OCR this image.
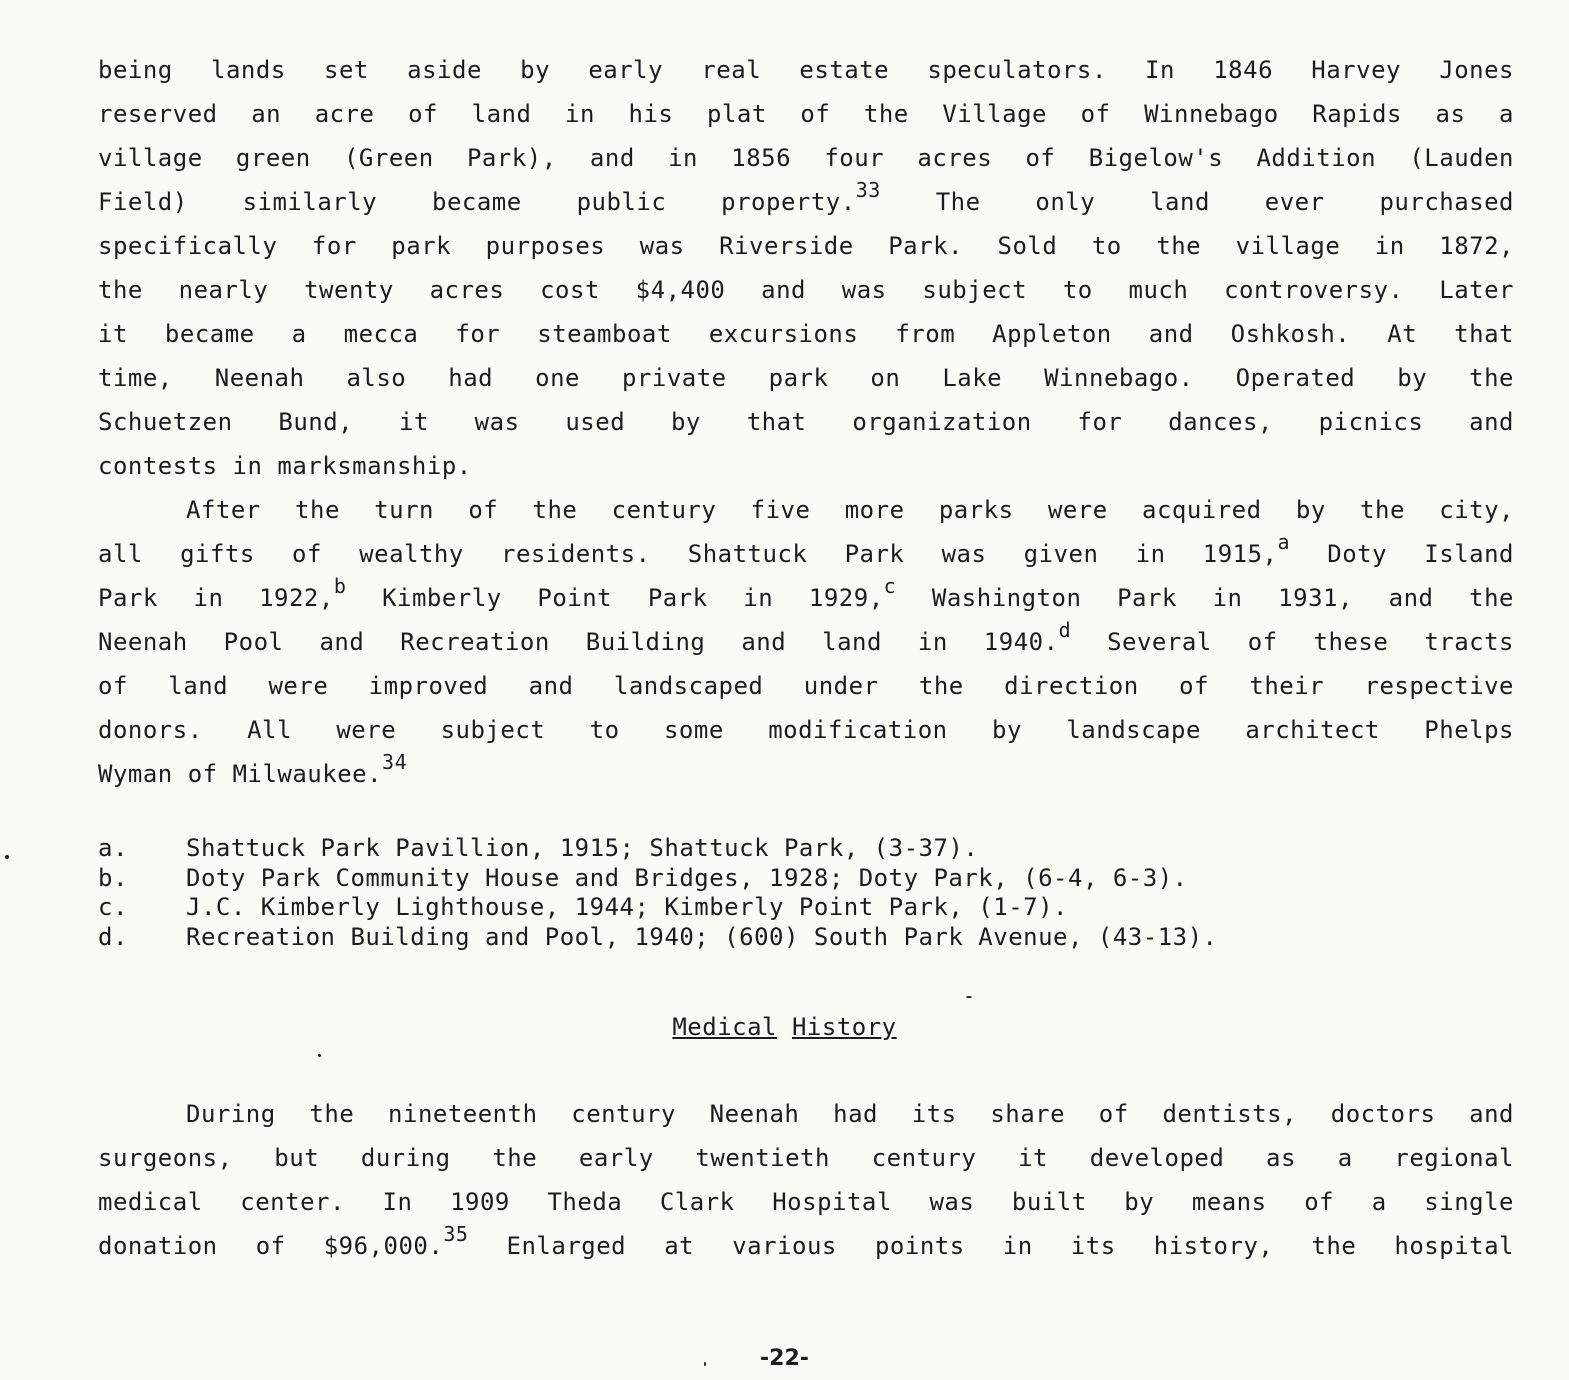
being lands set aside by early real estate speculators. In 1846 Harvey Jones
reserved an acre of land in his plat of the Village of Winnebago Rapids as a
village green (Green Park), and in 1856 four acres of Bigelow's Addition (Lauden
Field) similarly became public property.$^{33}$ The only land ever purchased
specifically for park purposes was Riverside Park. Sold to the village in 1872,
the nearly twenty acres cost $4,400 and was subject to much controversy. Later
it became a mecca for steamboat excursions from Appleton and Oshkosh. At that
time, Neenah also had one private park on Lake Winnebago. Operated by the
Schuetzen Bund, it was used by that organization for dances, picnics and
contests in marksmanship.
After the turn of the century five more parks were acquired by the city,
all gifts of wealthy residents. Shattuck Park was given in 1915,$^a$ Doty Island
Park in 1922,$^b$ Kimberly Point Park in 1929,$^c$ Washington Park in 1931, and the
Neenah Pool and Recreation Building and land in 1940.$^d$ Several of these tracts
of land were improved and landscaped under the direction of their respective
donors. All were subject to some modification by landscape architect Phelps
Wyman of Milwaukee.$^{34}$
a. Shattuck Park Pavillion, 1915; Shattuck Park, (3-37).
b. Doty Park Community House and Bridges, 1928; Doty Park, (6-4, 6-3).
c. J.C. Kimberly Lighthouse, 1944; Kimberly Point Park, (1-7).
d. Recreation Building and Pool, 1940; (600) South Park Avenue, (43-13).
Medical History
During the nineteenth century Neenah had its share of dentists, doctors and
surgeons, but during the early twentieth century it developed as a regional
medical center. In 1909 Theda Clark Hospital was built by means of a single
donation of $96,000.35 Enlarged at various points in its history, the hospital
-22-
